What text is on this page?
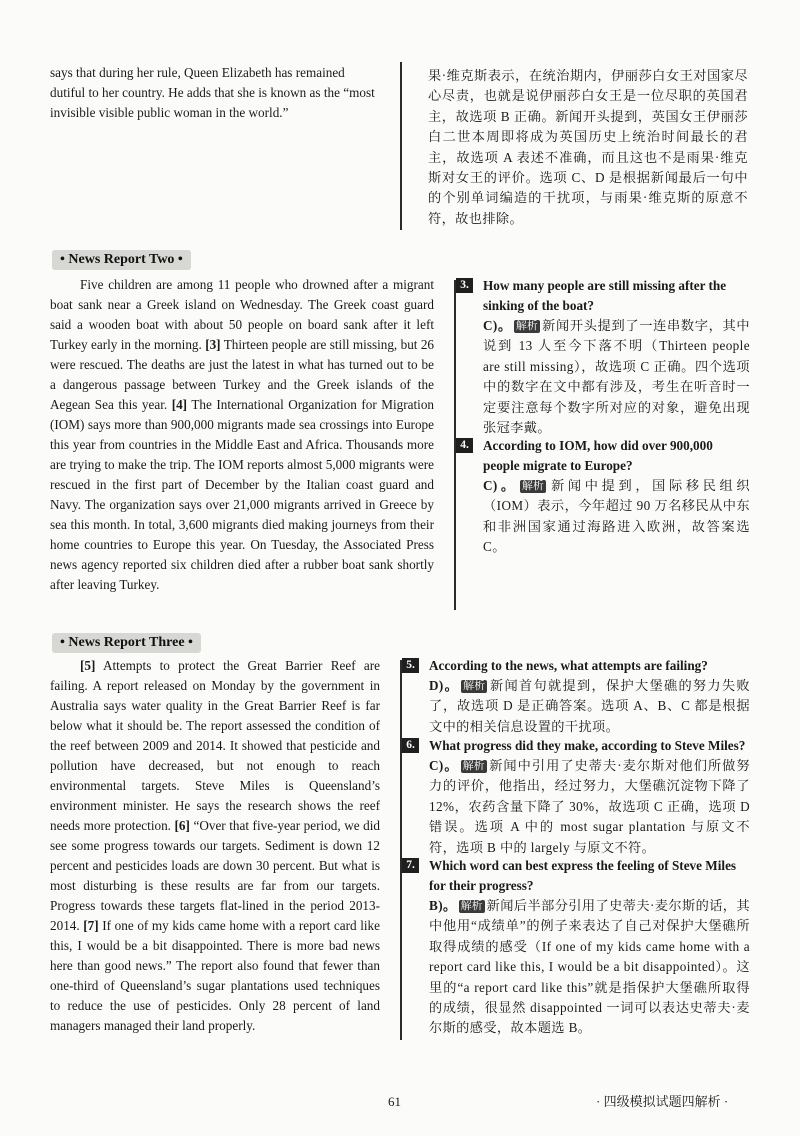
says that during her rule, Queen Elizabeth has remained dutiful to her country. He adds that she is known as the “most invisible visible public woman in the world.”

果·维克斯表示，在统治期内，伊丽莎白女王对国家尽心尽责，也就是说伊丽莎白女王是一位尽职的英国君主，故选项 B 正确。新闻开头提到，英国女王伊丽莎白二世本周即将成为英国历史上统治时间最长的君主，故选项 A 表述不准确，而且这也不是雨果·维克斯对女王的评价。选项 C、D 是根据新闻最后一句中的个别单词编造的干扰项，与雨果·维克斯的原意不符，故也排除。

• News Report Two •

Five children are among 11 people who drowned after a migrant boat sank near a Greek island on Wednesday. The Greek coast guard said a wooden boat with about 50 people on board sank after it left Turkey early in the morning. [3] Thirteen people are still missing, but 26 were rescued. The deaths are just the latest in what has turned out to be a dangerous passage between Turkey and the Greek islands of the Aegean Sea this year. [4] The International Organization for Migration (IOM) says more than 900,000 migrants made sea crossings into Europe this year from countries in the Middle East and Africa. Thousands more are trying to make the trip. The IOM reports almost 5,000 migrants were rescued in the first part of December by the Italian coast guard and Navy. The organization says over 21,000 migrants arrived in Greece by sea this month. In total, 3,600 migrants died making journeys from their home countries to Europe this year. On Tuesday, the Associated Press news agency reported six children died after a rubber boat sank shortly after leaving Turkey.

3.	How many people are still missing after the sinking of the boat?
C)。 解析 新闻开头提到了一连串数字，其中说到 13 人至今下落不明（Thirteen people are still missing），故选项 C 正确。四个选项中的数字在文中都有涉及，考生在听音时一定要注意每个数字所对应的对象，避免出现张冠李戴。
4.	According to IOM, how did over 900,000 people migrate to Europe?
C)。 解析 新闻中提到，国际移民组织（IOM）表示，今年超过 90 万名移民从中东和非洲国家通过海路进入欧洲，故答案选 C。
• News Report Three •

[5] Attempts to protect the Great Barrier Reef are failing. A report released on Monday by the government in Australia says water quality in the Great Barrier Reef is far below what it should be. The report assessed the condition of the reef between 2009 and 2014. It showed that pesticide and pollution have decreased, but not enough to reach environmental targets. Steve Miles is Queensland’s environment minister. He says the research shows the reef needs more protection. [6] “Over that five-year period, we did see some progress towards our targets. Sediment is down 12 percent and pesticides loads are down 30 percent. But what is most disturbing is these results are far from our targets. Progress towards these targets flat-lined in the period 2013-2014. [7] If one of my kids came home with a report card like this, I would be a bit disappointed. There is more bad news here than good news.” The report also found that fewer than one-third of Queensland’s sugar plantations used techniques to reduce the use of pesticides. Only 28 percent of land managers managed their land properly.

5.	According to the news, what attempts are failing?
D)。 解析 新闻首句就提到，保护大堡礁的努力失败了，故选项 D 是正确答案。选项 A、B、C 都是根据文中的相关信息设置的干扰项。
6.	What progress did they make, according to Steve Miles?
C)。 解析 新闻中引用了史蒂夫·麦尔斯对他们所做努力的评价，他指出，经过努力，大堡礁沉淀物下降了 12%，农药含量下降了 30%，故选项 C 正确，选项 D 错误。选项 A 中的 most sugar plantation 与原文不符，选项 B 中的 largely 与原文不符。
7.	Which word can best express the feeling of Steve Miles for their progress?
B)。 解析 新闻后半部分引用了史蒂夫·麦尔斯的话，其中他用“成绩单”的例子来表达了自己对保护大堡礁所取得成绩的感受（If one of my kids came home with a report card like this, I would be a bit disappointed）。这里的“a report card like this”就是指保护大堡礁所取得的成绩，很显然 disappointed 一词可以表达史蒂夫·麦尔斯的感受，故本题选 B。
61	· 四级模拟试题四解析 ·
